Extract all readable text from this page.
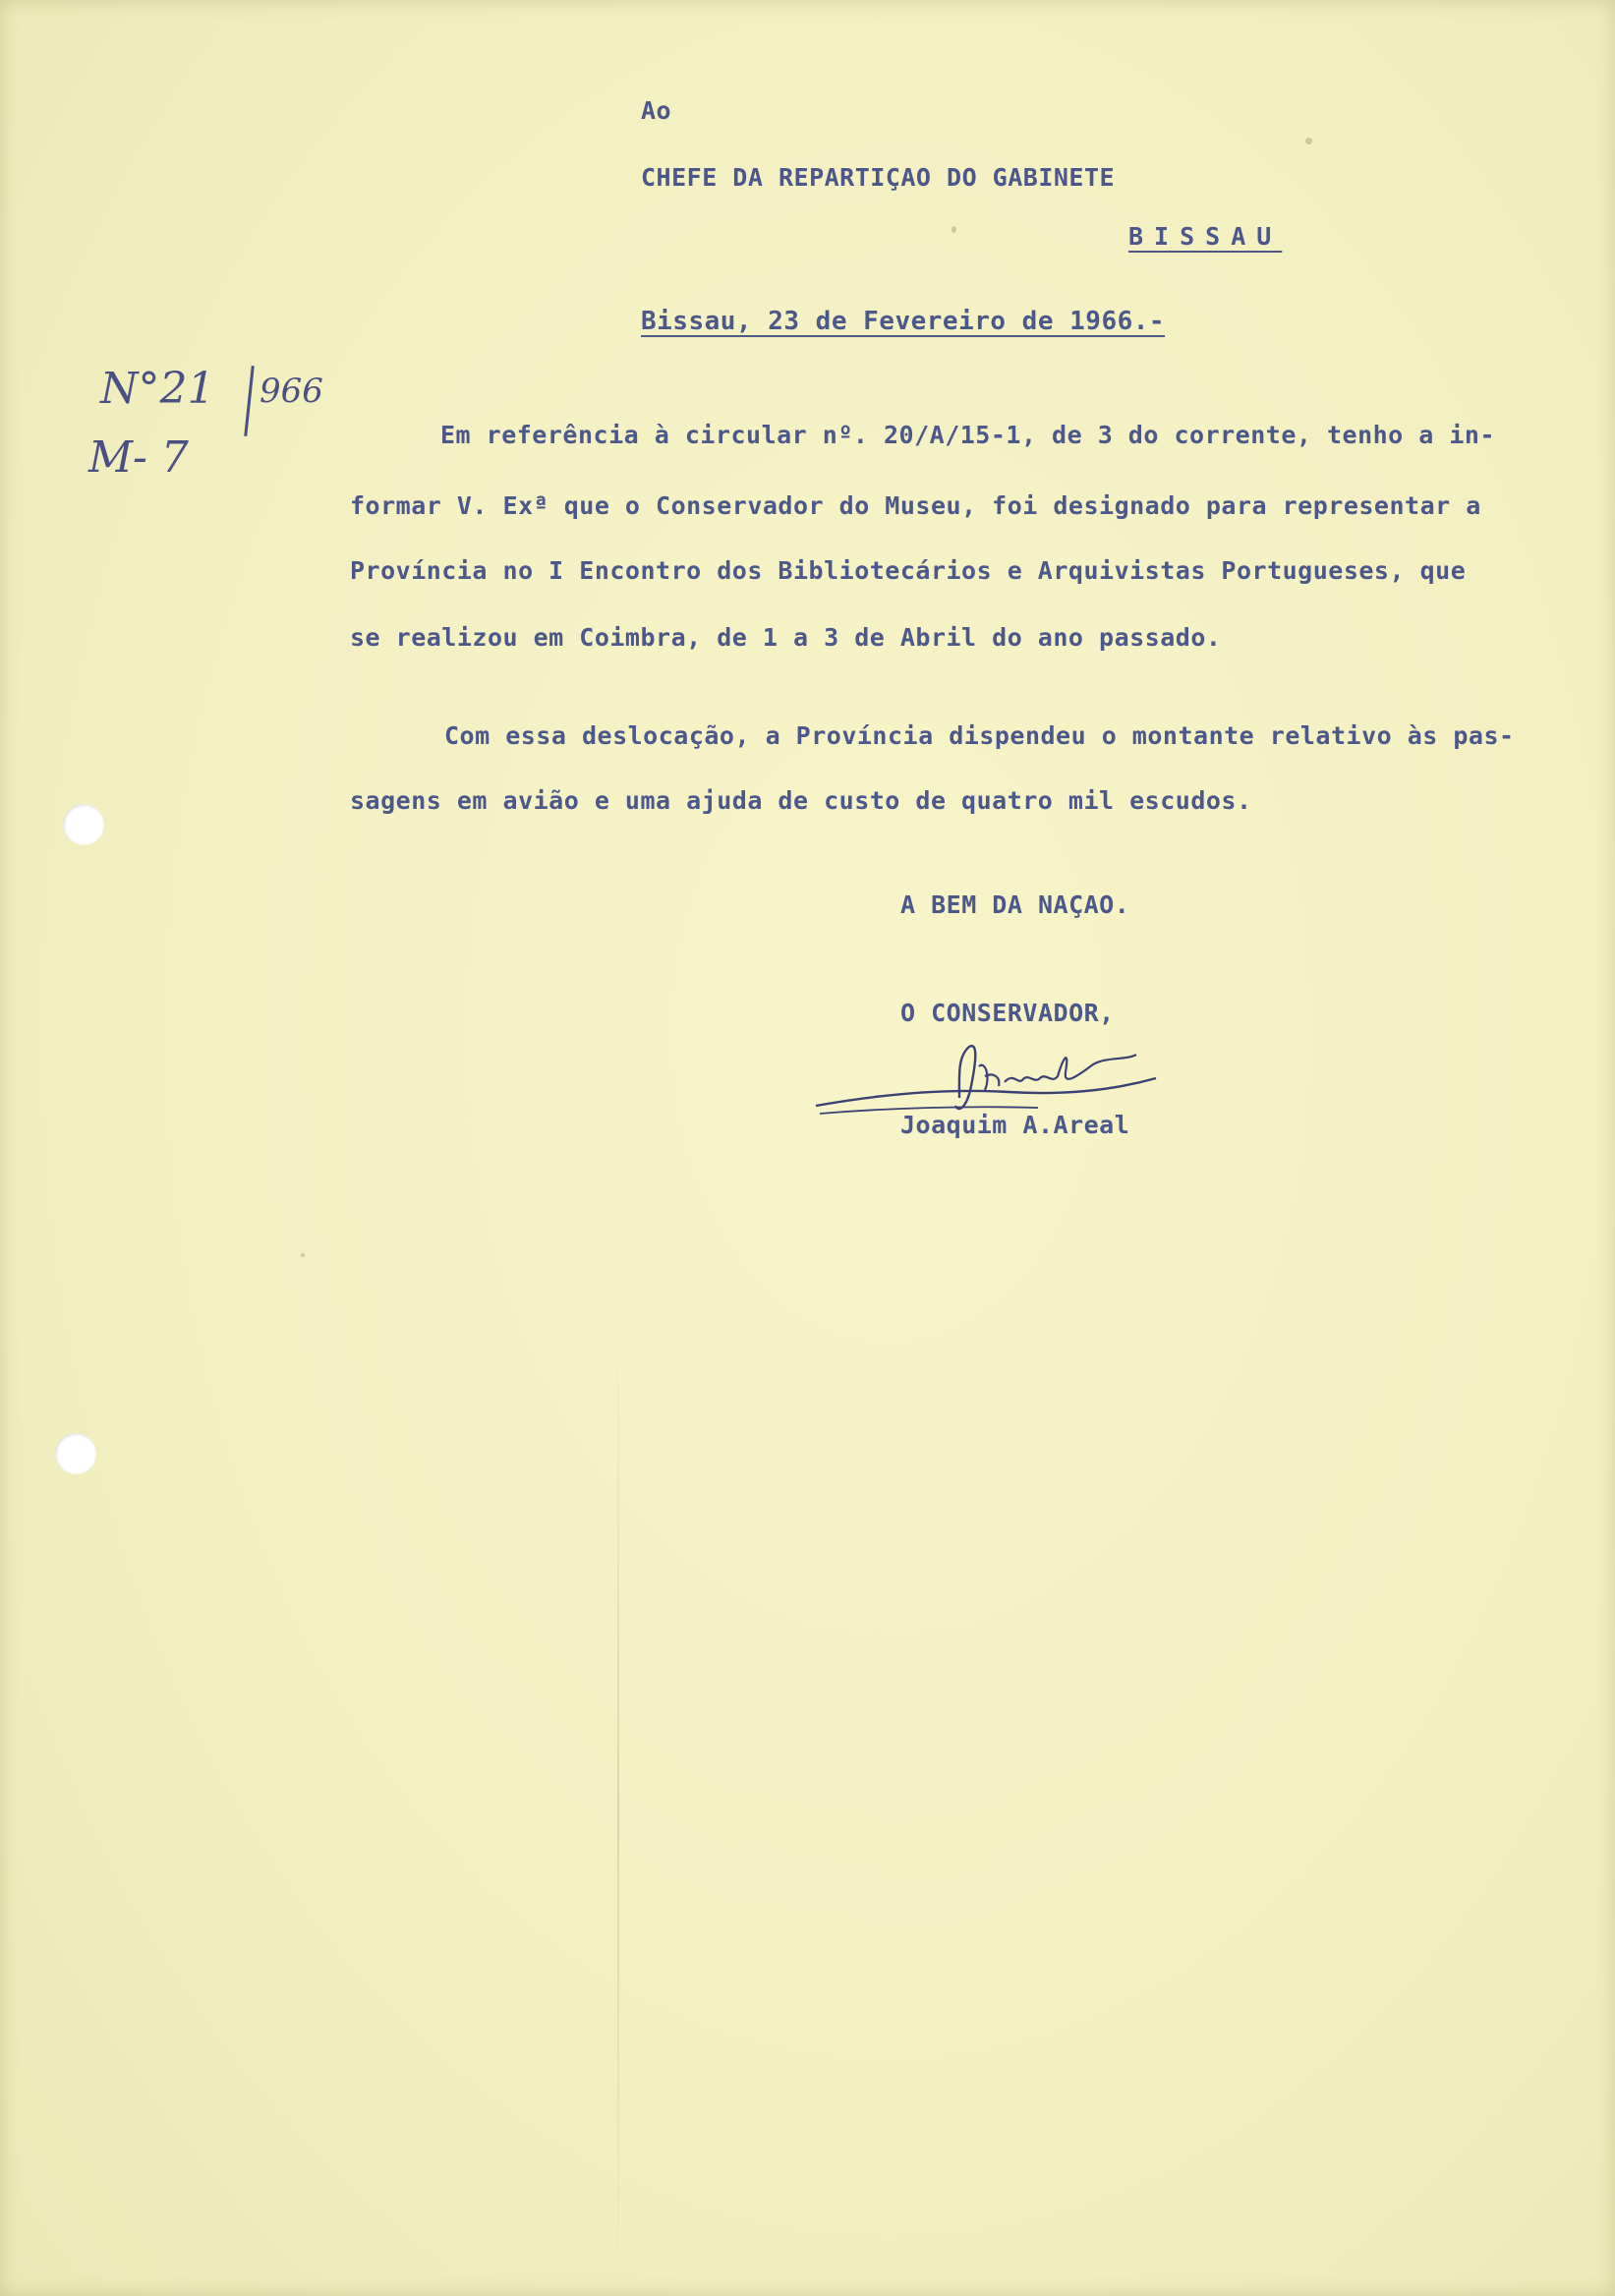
Ao
CHEFE DA REPARTIÇAO DO GABINETE
BISSAU
Bissau, 23 de Fevereiro de 1966.-
N°21 966
M- 7	Em referência à circular nº. 20/A/15-1, de 3 do corrente, tenho a in-
formar V. Exª que o Conservador do Museu, foi designado para representar a
Província no I Encontro dos Bibliotecários e Arquivistas Portugueses, que
se realizou em Coimbra, de 1 a 3 de Abril do ano passado.
Com essa deslocação, a Província dispendeu o montante relativo às pas-
sagens em avião e uma ajuda de custo de quatro mil escudos.
A BEM DA NAÇAO.
O CONSERVADOR,
Joaquim A.Areal
